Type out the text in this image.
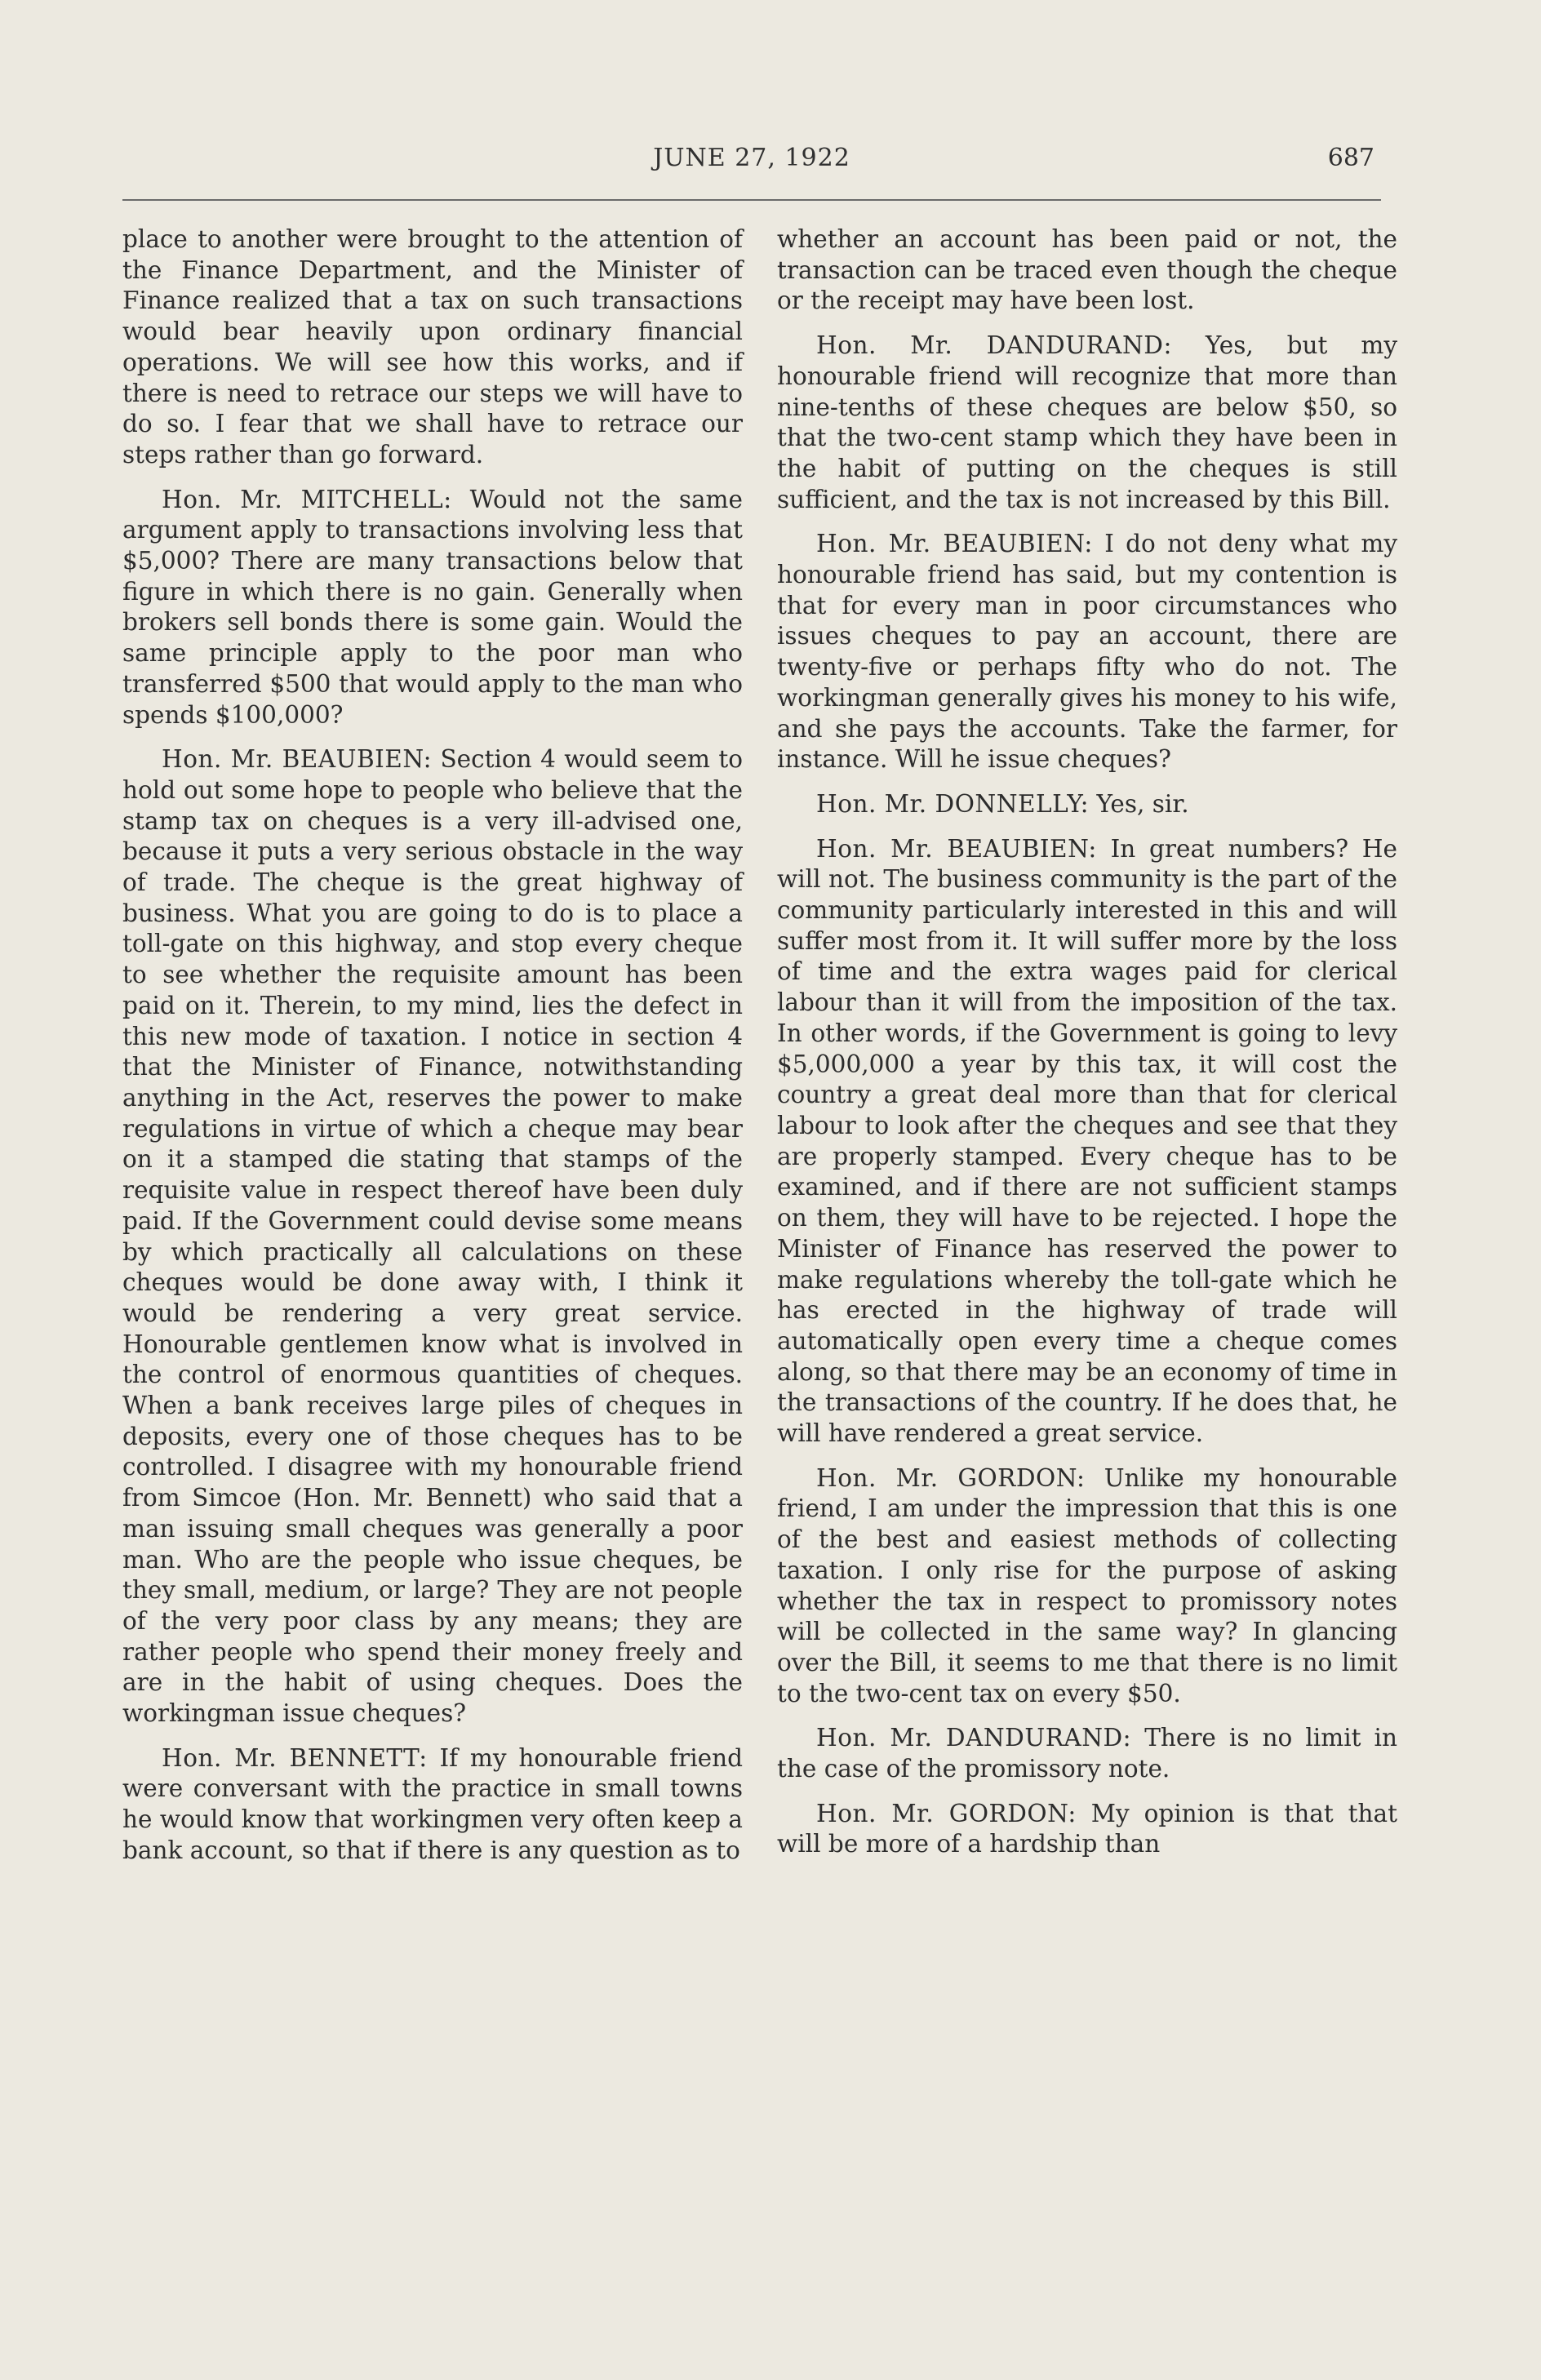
JUNE 27, 1922	687

place to another were brought to the attention of the Finance Department, and the Minister of Finance realized that a tax on such transactions would bear heavily upon ordinary financial operations. We will see how this works, and if there is need to retrace our steps we will have to do so. I fear that we shall have to retrace our steps rather than go forward.

Hon. Mr. MITCHELL: Would not the same argument apply to transactions involving less that $5,000? There are many transactions below that figure in which there is no gain. Generally when brokers sell bonds there is some gain. Would the same principle apply to the poor man who transferred $500 that would apply to the man who spends $100,000?

Hon. Mr. BEAUBIEN: Section 4 would seem to hold out some hope to people who believe that the stamp tax on cheques is a very ill-advised one, because it puts a very serious obstacle in the way of trade. The cheque is the great highway of business. What you are going to do is to place a toll-gate on this highway, and stop every cheque to see whether the requisite amount has been paid on it. Therein, to my mind, lies the defect in this new mode of taxation. I notice in section 4 that the Minister of Finance, notwithstanding anything in the Act, reserves the power to make regulations in virtue of which a cheque may bear on it a stamped die stating that stamps of the requisite value in respect thereof have been duly paid. If the Government could devise some means by which practically all calculations on these cheques would be done away with, I think it would be rendering a very great service. Honourable gentlemen know what is involved in the control of enormous quantities of cheques. When a bank receives large piles of cheques in deposits, every one of those cheques has to be controlled. I disagree with my honourable friend from Simcoe (Hon. Mr. Bennett) who said that a man issuing small cheques was generally a poor man. Who are the people who issue cheques, be they small, medium, or large? They are not people of the very poor class by any means; they are rather people who spend their money freely and are in the habit of using cheques. Does the workingman issue cheques?

Hon. Mr. BENNETT: If my honourable friend were conversant with the practice in small towns he would know that workingmen very often keep a bank account, so that if there is any question as to

whether an account has been paid or not, the transaction can be traced even though the cheque or the receipt may have been lost.

Hon. Mr. DANDURAND: Yes, but my honourable friend will recognize that more than nine-tenths of these cheques are below $50, so that the two-cent stamp which they have been in the habit of putting on the cheques is still sufficient, and the tax is not increased by this Bill.

Hon. Mr. BEAUBIEN: I do not deny what my honourable friend has said, but my contention is that for every man in poor circumstances who issues cheques to pay an account, there are twenty-five or perhaps fifty who do not. The workingman generally gives his money to his wife, and she pays the accounts. Take the farmer, for instance. Will he issue cheques?

Hon. Mr. DONNELLY: Yes, sir.

Hon. Mr. BEAUBIEN: In great numbers? He will not. The business community is the part of the community particularly interested in this and will suffer most from it. It will suffer more by the loss of time and the extra wages paid for clerical labour than it will from the imposition of the tax. In other words, if the Government is going to levy $5,000,000 a year by this tax, it will cost the country a great deal more than that for clerical labour to look after the cheques and see that they are properly stamped. Every cheque has to be examined, and if there are not sufficient stamps on them, they will have to be rejected. I hope the Minister of Finance has reserved the power to make regulations whereby the toll-gate which he has erected in the highway of trade will automatically open every time a cheque comes along, so that there may be an economy of time in the transactions of the country. If he does that, he will have rendered a great service.

Hon. Mr. GORDON: Unlike my honourable friend, I am under the impression that this is one of the best and easiest methods of collecting taxation. I only rise for the purpose of asking whether the tax in respect to promissory notes will be collected in the same way? In glancing over the Bill, it seems to me that there is no limit to the two-cent tax on every $50.

Hon. Mr. DANDURAND: There is no limit in the case of the promissory note.

Hon. Mr. GORDON: My opinion is that that will be more of a hardship than
